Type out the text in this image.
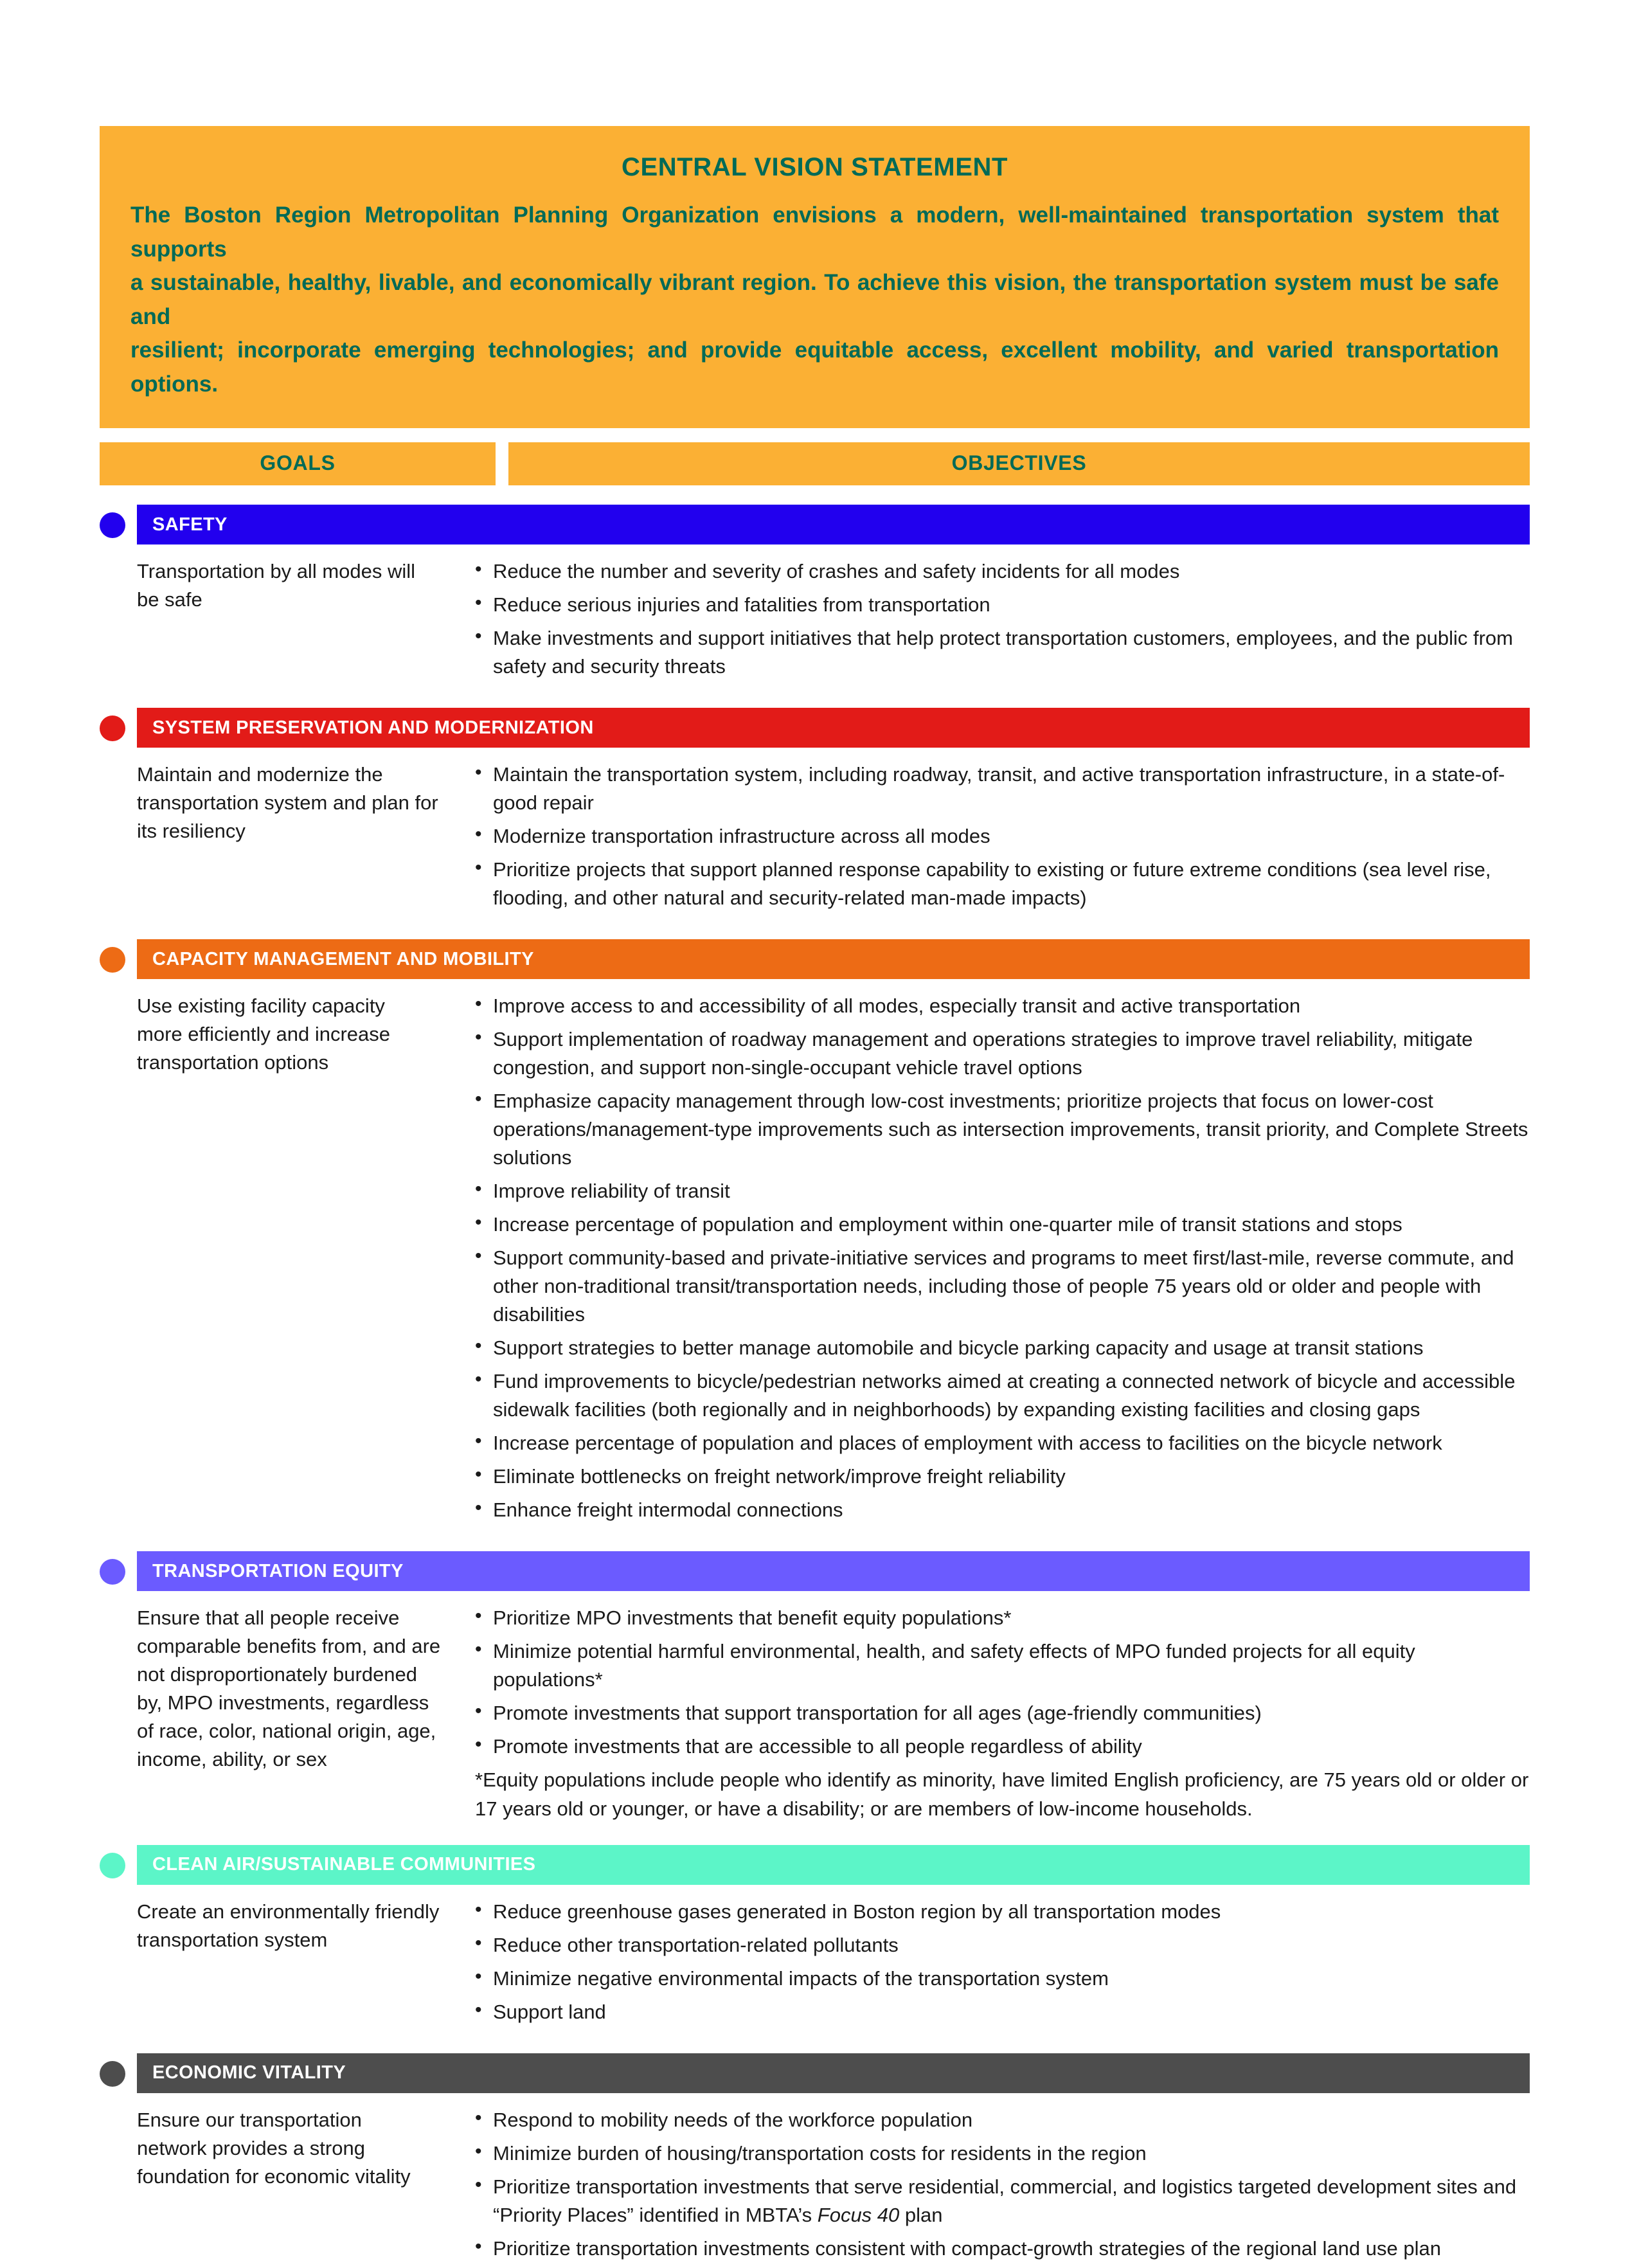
CENTRAL VISION STATEMENT
The Boston Region Metropolitan Planning Organization envisions a modern, well-maintained transportation system that supports
a sustainable, healthy, livable, and economically vibrant region. To achieve this vision, the transportation system must be safe and
resilient; incorporate emerging technologies; and provide equitable access, excellent mobility, and varied transportation options.
GOALS	OBJECTIVES
SAFETY
Transportation by all modes will
be safe
• Reduce the number and severity of crashes and safety incidents for all modes
• Reduce serious injuries and fatalities from transportation
• Make investments and support initiatives that help protect transportation customers, employees, and the public from safety and security threats
SYSTEM PRESERVATION AND MODERNIZATION
Maintain and modernize the
transportation system and plan for
its resiliency
• Maintain the transportation system, including roadway, transit, and active transportation infrastructure, in a state-of-good repair
• Modernize transportation infrastructure across all modes
• Prioritize projects that support planned response capability to existing or future extreme conditions (sea level rise, flooding, and other natural and security-related man-made impacts)
CAPACITY MANAGEMENT AND MOBILITY
Use existing facility capacity
more efficiently and increase
transportation options
• Improve access to and accessibility of all modes, especially transit and active transportation
• Support implementation of roadway management and operations strategies to improve travel reliability, mitigate congestion, and support non-single-occupant vehicle travel options
• Emphasize capacity management through low-cost investments; prioritize projects that focus on lower-cost operations/management-type improvements such as intersection improvements, transit priority, and Complete Streets solutions
• Improve reliability of transit
• Increase percentage of population and employment within one-quarter mile of transit stations and stops
• Support community-based and private-initiative services and programs to meet first/last-mile, reverse commute, and other non-traditional transit/transportation needs, including those of people 75 years old or older and people with disabilities
• Support strategies to better manage automobile and bicycle parking capacity and usage at transit stations
• Fund improvements to bicycle/pedestrian networks aimed at creating a connected network of bicycle and accessible sidewalk facilities (both regionally and in neighborhoods) by expanding existing facilities and closing gaps
• Increase percentage of population and places of employment with access to facilities on the bicycle network
• Eliminate bottlenecks on freight network/improve freight reliability
• Enhance freight intermodal connections
TRANSPORTATION EQUITY
Ensure that all people receive
comparable benefits from, and are
not disproportionately burdened
by, MPO investments, regardless
of race, color, national origin, age,
income, ability, or sex
• Prioritize MPO investments that benefit equity populations*
• Minimize potential harmful environmental, health, and safety effects of MPO funded projects for all equity populations*
• Promote investments that support transportation for all ages (age-friendly communities)
• Promote investments that are accessible to all people regardless of ability
*Equity populations include people who identify as minority, have limited English proficiency, are 75 years old or older or 17 years old or younger, or have a disability; or are members of low-income households.
CLEAN AIR/SUSTAINABLE COMMUNITIES
Create an environmentally friendly
transportation system
• Reduce greenhouse gases generated in Boston region by all transportation modes
• Reduce other transportation-related pollutants
• Minimize negative environmental impacts of the transportation system
• Support land
ECONOMIC VITALITY
Ensure our transportation
network provides a strong
foundation for economic vitality
• Respond to mobility needs of the workforce population
• Minimize burden of housing/transportation costs for residents in the region
• Prioritize transportation investments that serve residential, commercial, and logistics targeted development sites and “Priority Places” identified in MBTA’s Focus 40 plan
• Prioritize transportation investments consistent with compact-growth strategies of the regional land use plan
